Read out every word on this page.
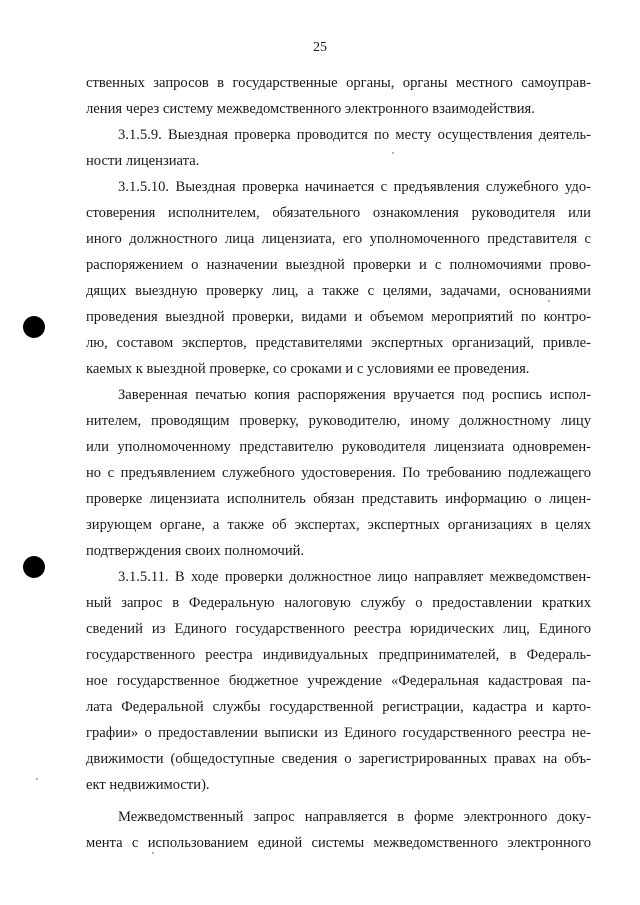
25
ственных запросов в государственные органы, органы местного самоуправ-
ления через систему межведомственного электронного взаимодействия.
3.1.5.9. Выездная проверка проводится по месту осуществления деятель-
ности лицензиата.
3.1.5.10. Выездная проверка начинается с предъявления служебного удо-
стоверения исполнителем, обязательного ознакомления руководителя или
иного должностного лица лицензиата, его уполномоченного представителя с
распоряжением о назначении выездной проверки и с полномочиями прово-
дящих выездную проверку лиц, а также с целями, задачами, основаниями
проведения выездной проверки, видами и объемом мероприятий по контро-
лю, составом экспертов, представителями экспертных организаций, привле-
каемых к выездной проверке, со сроками и с условиями ее проведения.
Заверенная печатью копия распоряжения вручается под роспись испол-
нителем, проводящим проверку, руководителю, иному должностному лицу
или уполномоченному представителю руководителя лицензиата одновремен-
но с предъявлением служебного удостоверения. По требованию подлежащего
проверке лицензиата исполнитель обязан представить информацию о лицен-
зирующем органе, а также об экспертах, экспертных организациях в целях
подтверждения своих полномочий.
3.1.5.11. В ходе проверки должностное лицо направляет межведомствен-
ный запрос в Федеральную налоговую службу о предоставлении кратких
сведений из Единого государственного реестра юридических лиц, Единого
государственного реестра индивидуальных предпринимателей, в Федераль-
ное государственное бюджетное учреждение «Федеральная кадастровая па-
лата Федеральной службы государственной регистрации, кадастра и карто-
графии» о предоставлении выписки из Единого государственного реестра не-
движимости (общедоступные сведения о зарегистрированных правах на объ-
ект недвижимости).
Межведомственный запрос направляется в форме электронного доку-
мента с использованием единой системы межведомственного электронного
